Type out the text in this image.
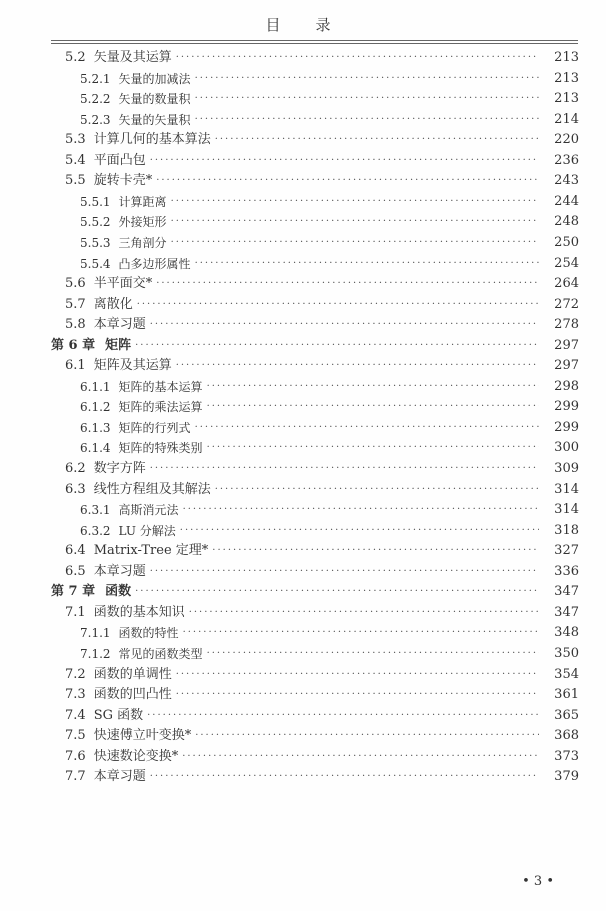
目　录
5.2 矢量及其运算 ·····	213
5.2.1 矢量的加减法 ·····	213
5.2.2 矢量的数量积 ·····	213
5.2.3 矢量的矢量积 ·····	214
5.3 计算几何的基本算法 ·····	220
5.4 平面凸包 ·····	236
5.5 旋转卡壳* ·····	243
5.5.1 计算距离 ·····	244
5.5.2 外接矩形 ·····	248
5.5.3 三角剖分 ·····	250
5.5.4 凸多边形属性 ·····	254
5.6 半平面交* ·····	264
5.7 离散化 ·····	272
5.8 本章习题 ·····	278
第 6 章 矩阵 ·····	297
6.1 矩阵及其运算 ·····	297
6.1.1 矩阵的基本运算 ·····	298
6.1.2 矩阵的乘法运算 ·····	299
6.1.3 矩阵的行列式 ·····	299
6.1.4 矩阵的特殊类别 ·····	300
6.2 数字方阵 ·····	309
6.3 线性方程组及其解法 ·····	314
6.3.1 高斯消元法 ·····	314
6.3.2 LU 分解法 ·····	318
6.4 Matrix-Tree 定理* ·····	327
6.5 本章习题 ·····	336
第 7 章 函数 ·····	347
7.1 函数的基本知识 ·····	347
7.1.1 函数的特性 ·····	348
7.1.2 常见的函数类型 ·····	350
7.2 函数的单调性 ·····	354
7.3 函数的凹凸性 ·····	361
7.4 SG 函数 ·····	365
7.5 快速傅立叶变换* ·····	368
7.6 快速数论变换* ·····	373
7.7 本章习题 ·····	379
• 3 •
